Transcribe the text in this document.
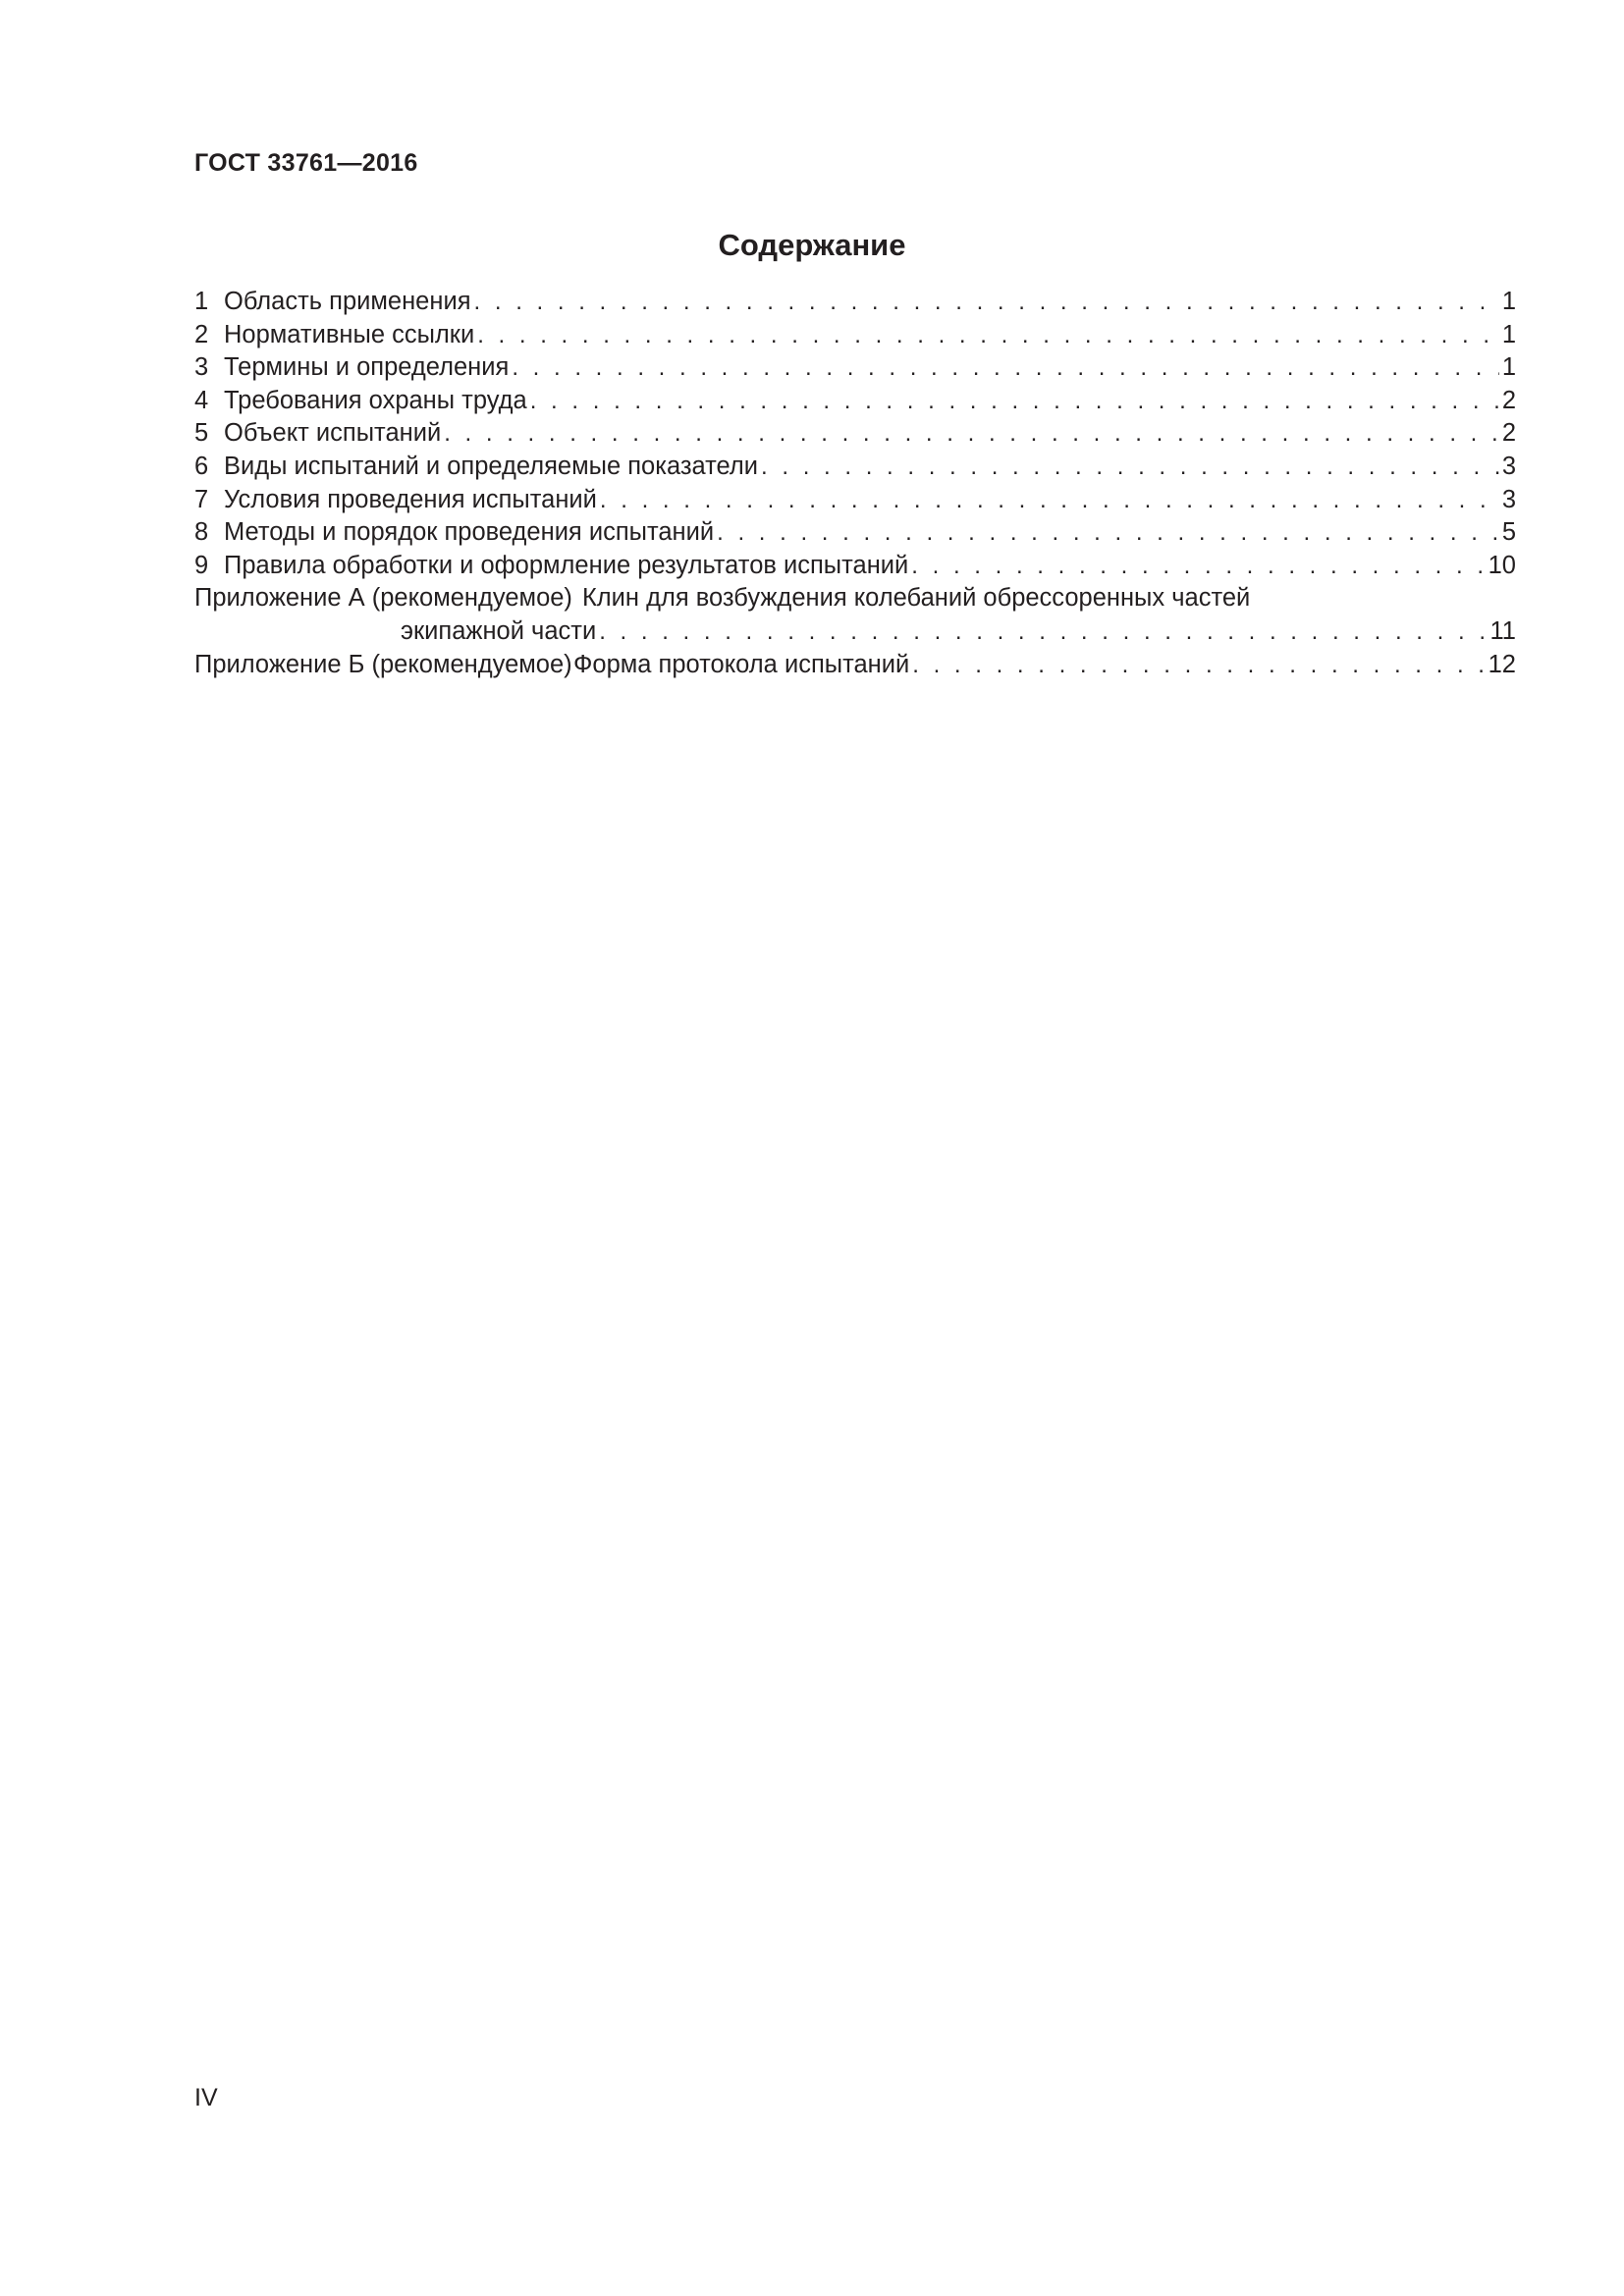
ГОСТ 33761—2016
Содержание
1 Область применения . . .	1
2 Нормативные ссылки . . .	1
3 Термины и определения . . .	1
4 Требования охраны труда . . .	2
5 Объект испытаний . . .	2
6 Виды испытаний и определяемые показатели . . .	3
7 Условия проведения испытаний . . .	3
8 Методы и порядок проведения испытаний . . .	5
9 Правила обработки и оформление результатов испытаний . . .	10
Приложение А (рекомендуемое) Клин для возбуждения колебаний обрессоренных частей
экипажной части . . .	11
Приложение Б (рекомендуемое) Форма протокола испытаний . . .	12
IV
